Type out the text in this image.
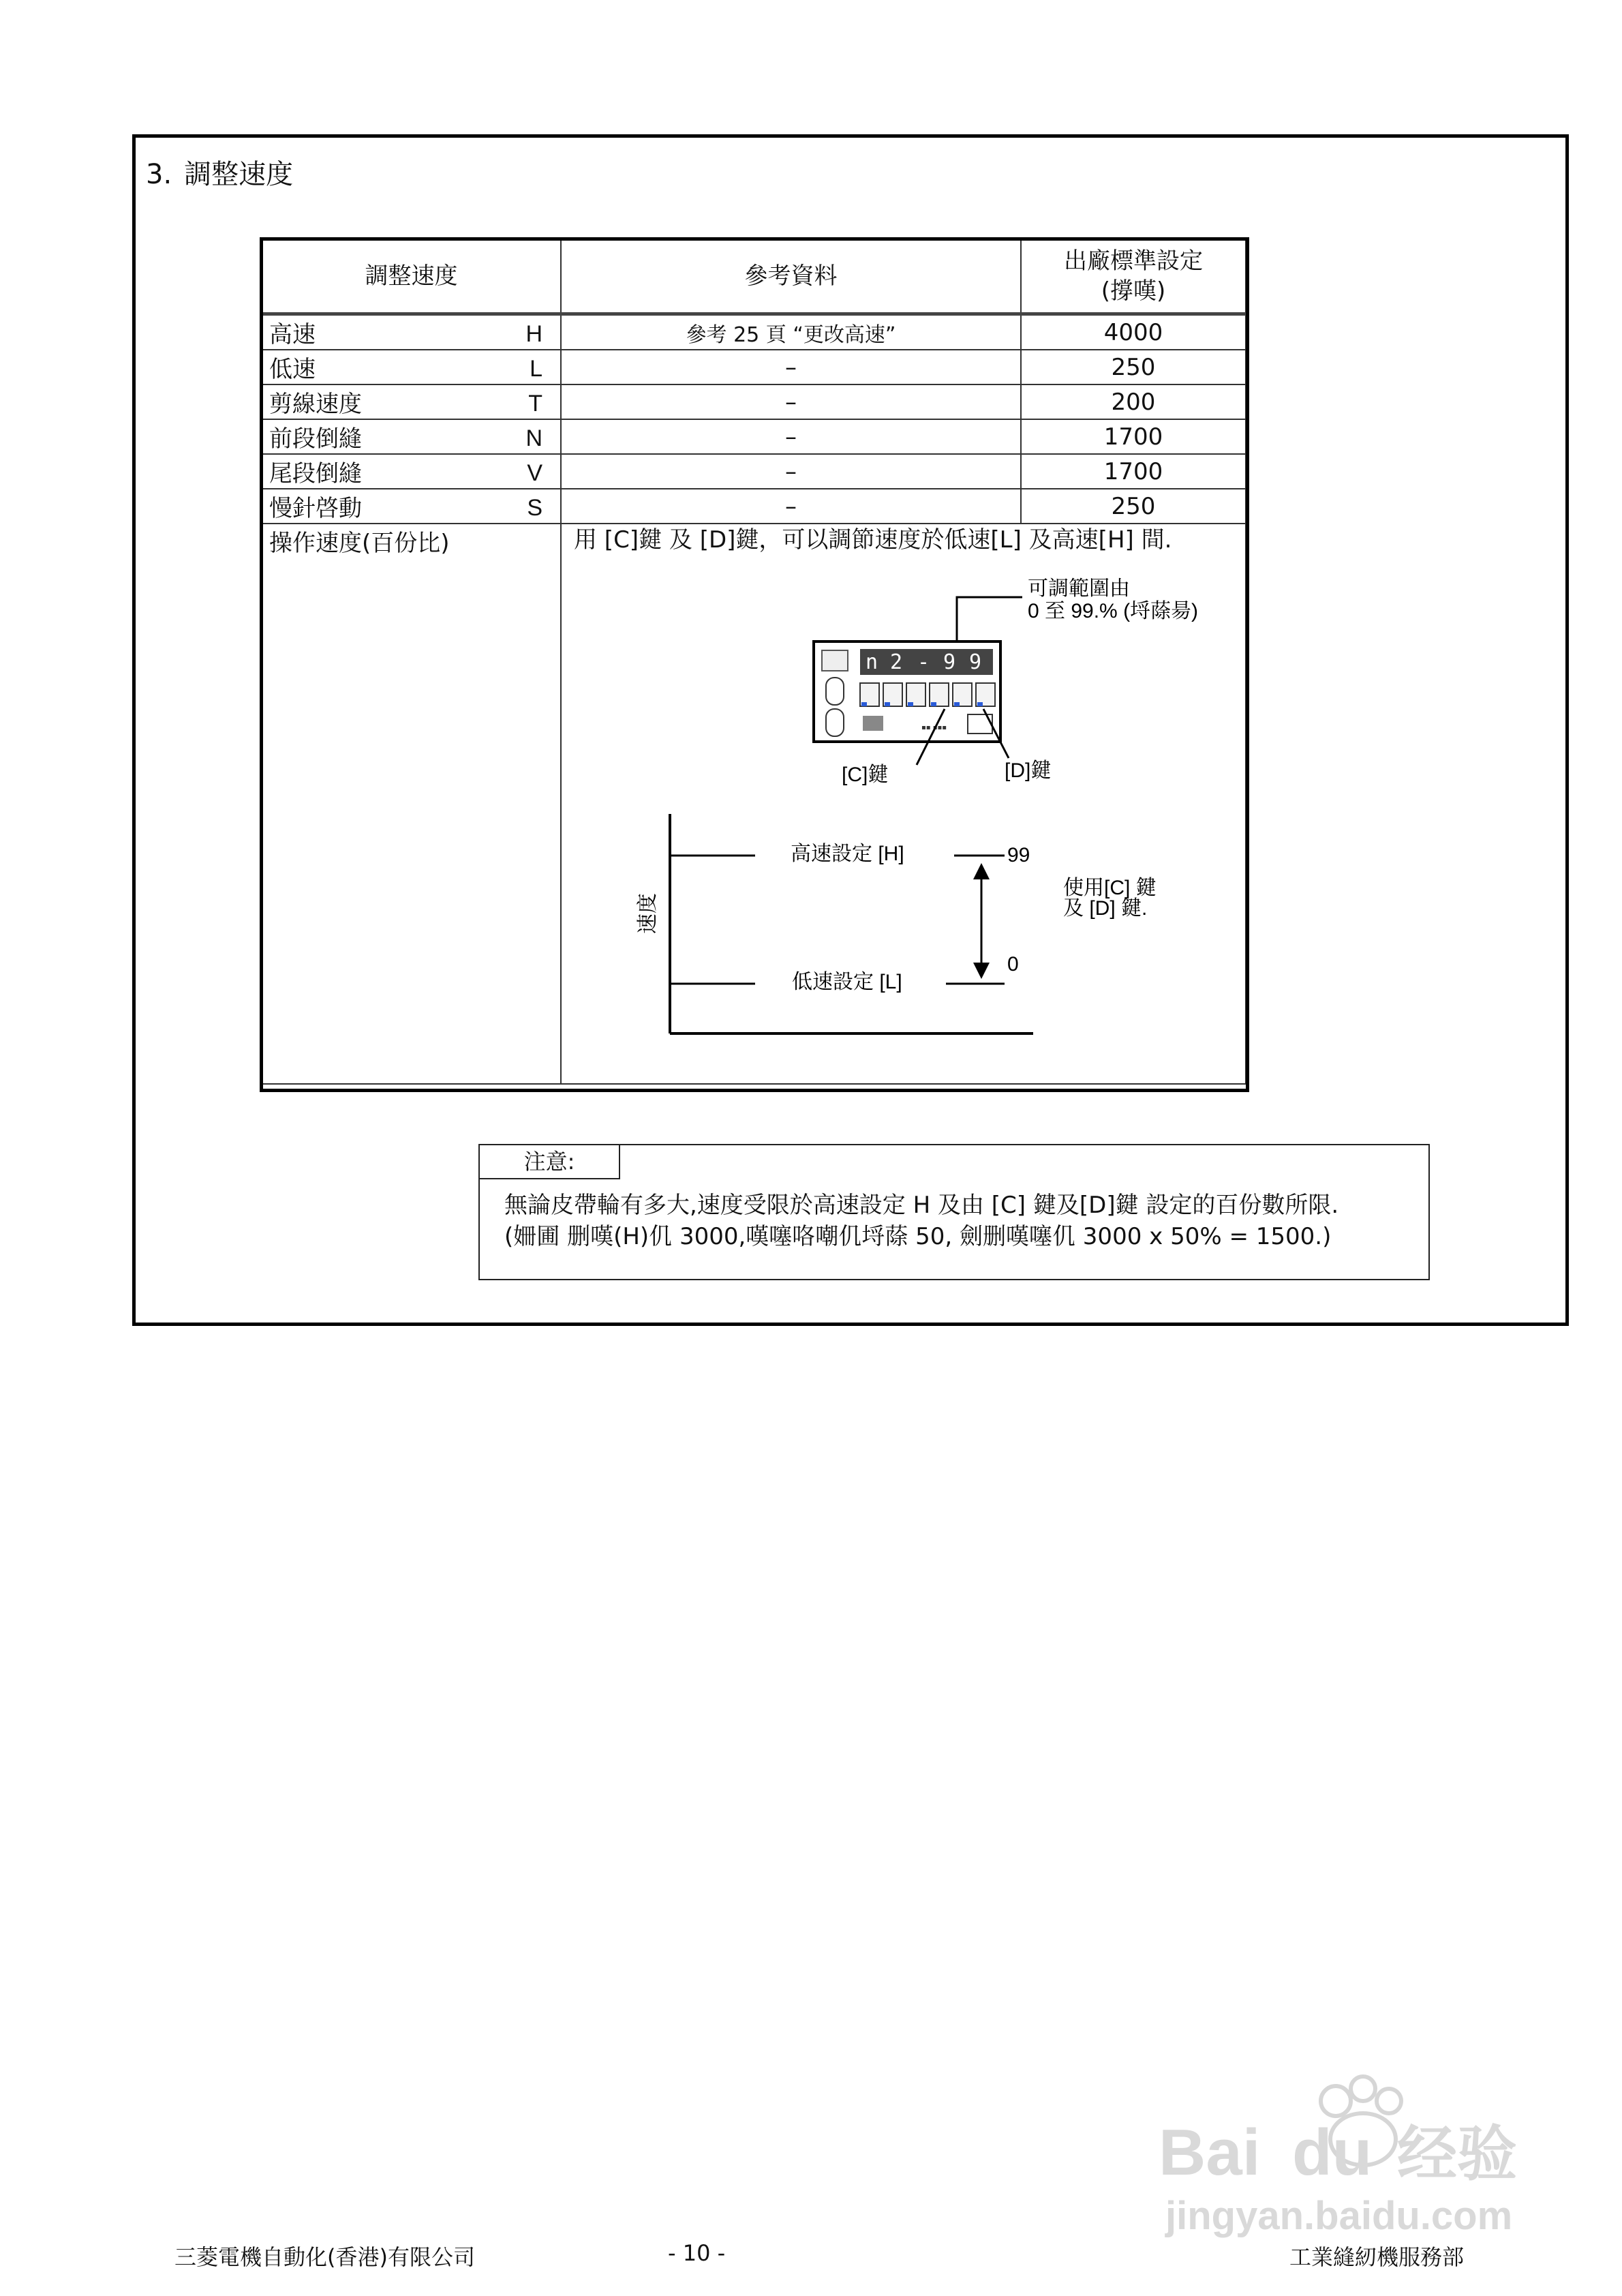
3. 調整速度
調整速度	參考資料	出廠標準設定
(撐嘆)

高速 H	參考 25 頁 “更改高速”	4000
低速 L	–	250
剪線速度 T	–	200
前段倒縫 N	–	1700
尾段倒縫 V	–	1700
慢針啓動 S	–	250
操作速度(百份比)	用 [C]鍵 及 [D]鍵，可以調節速度於低速[L] 及高速[H] 間.	
可調範圍由
0 至 99.% (埒蒢昜)
n 2 - 9 9
▪▪ ▪▪▪
[C]鍵	[D]鍵
速度
高速設定 [H]	99
低速設定 [L]
0
使用[C] 鍵
及 [D] 鍵.
注意:
無論皮帶輪有多大,速度受限於高速設定 H 及由 [C] 鍵及[D]鍵 設定的百份數所限.
(姍圃 删嘆(H)仉 3000,嘆噻咯嘲仉埒蒢 50, 劍删嘆噻仉 3000 x 50% = 1500.)
Bai du 经验
jingyan.baidu.com
三菱電機自動化(香港)有限公司	- 10 -	工業縫紉機服務部
